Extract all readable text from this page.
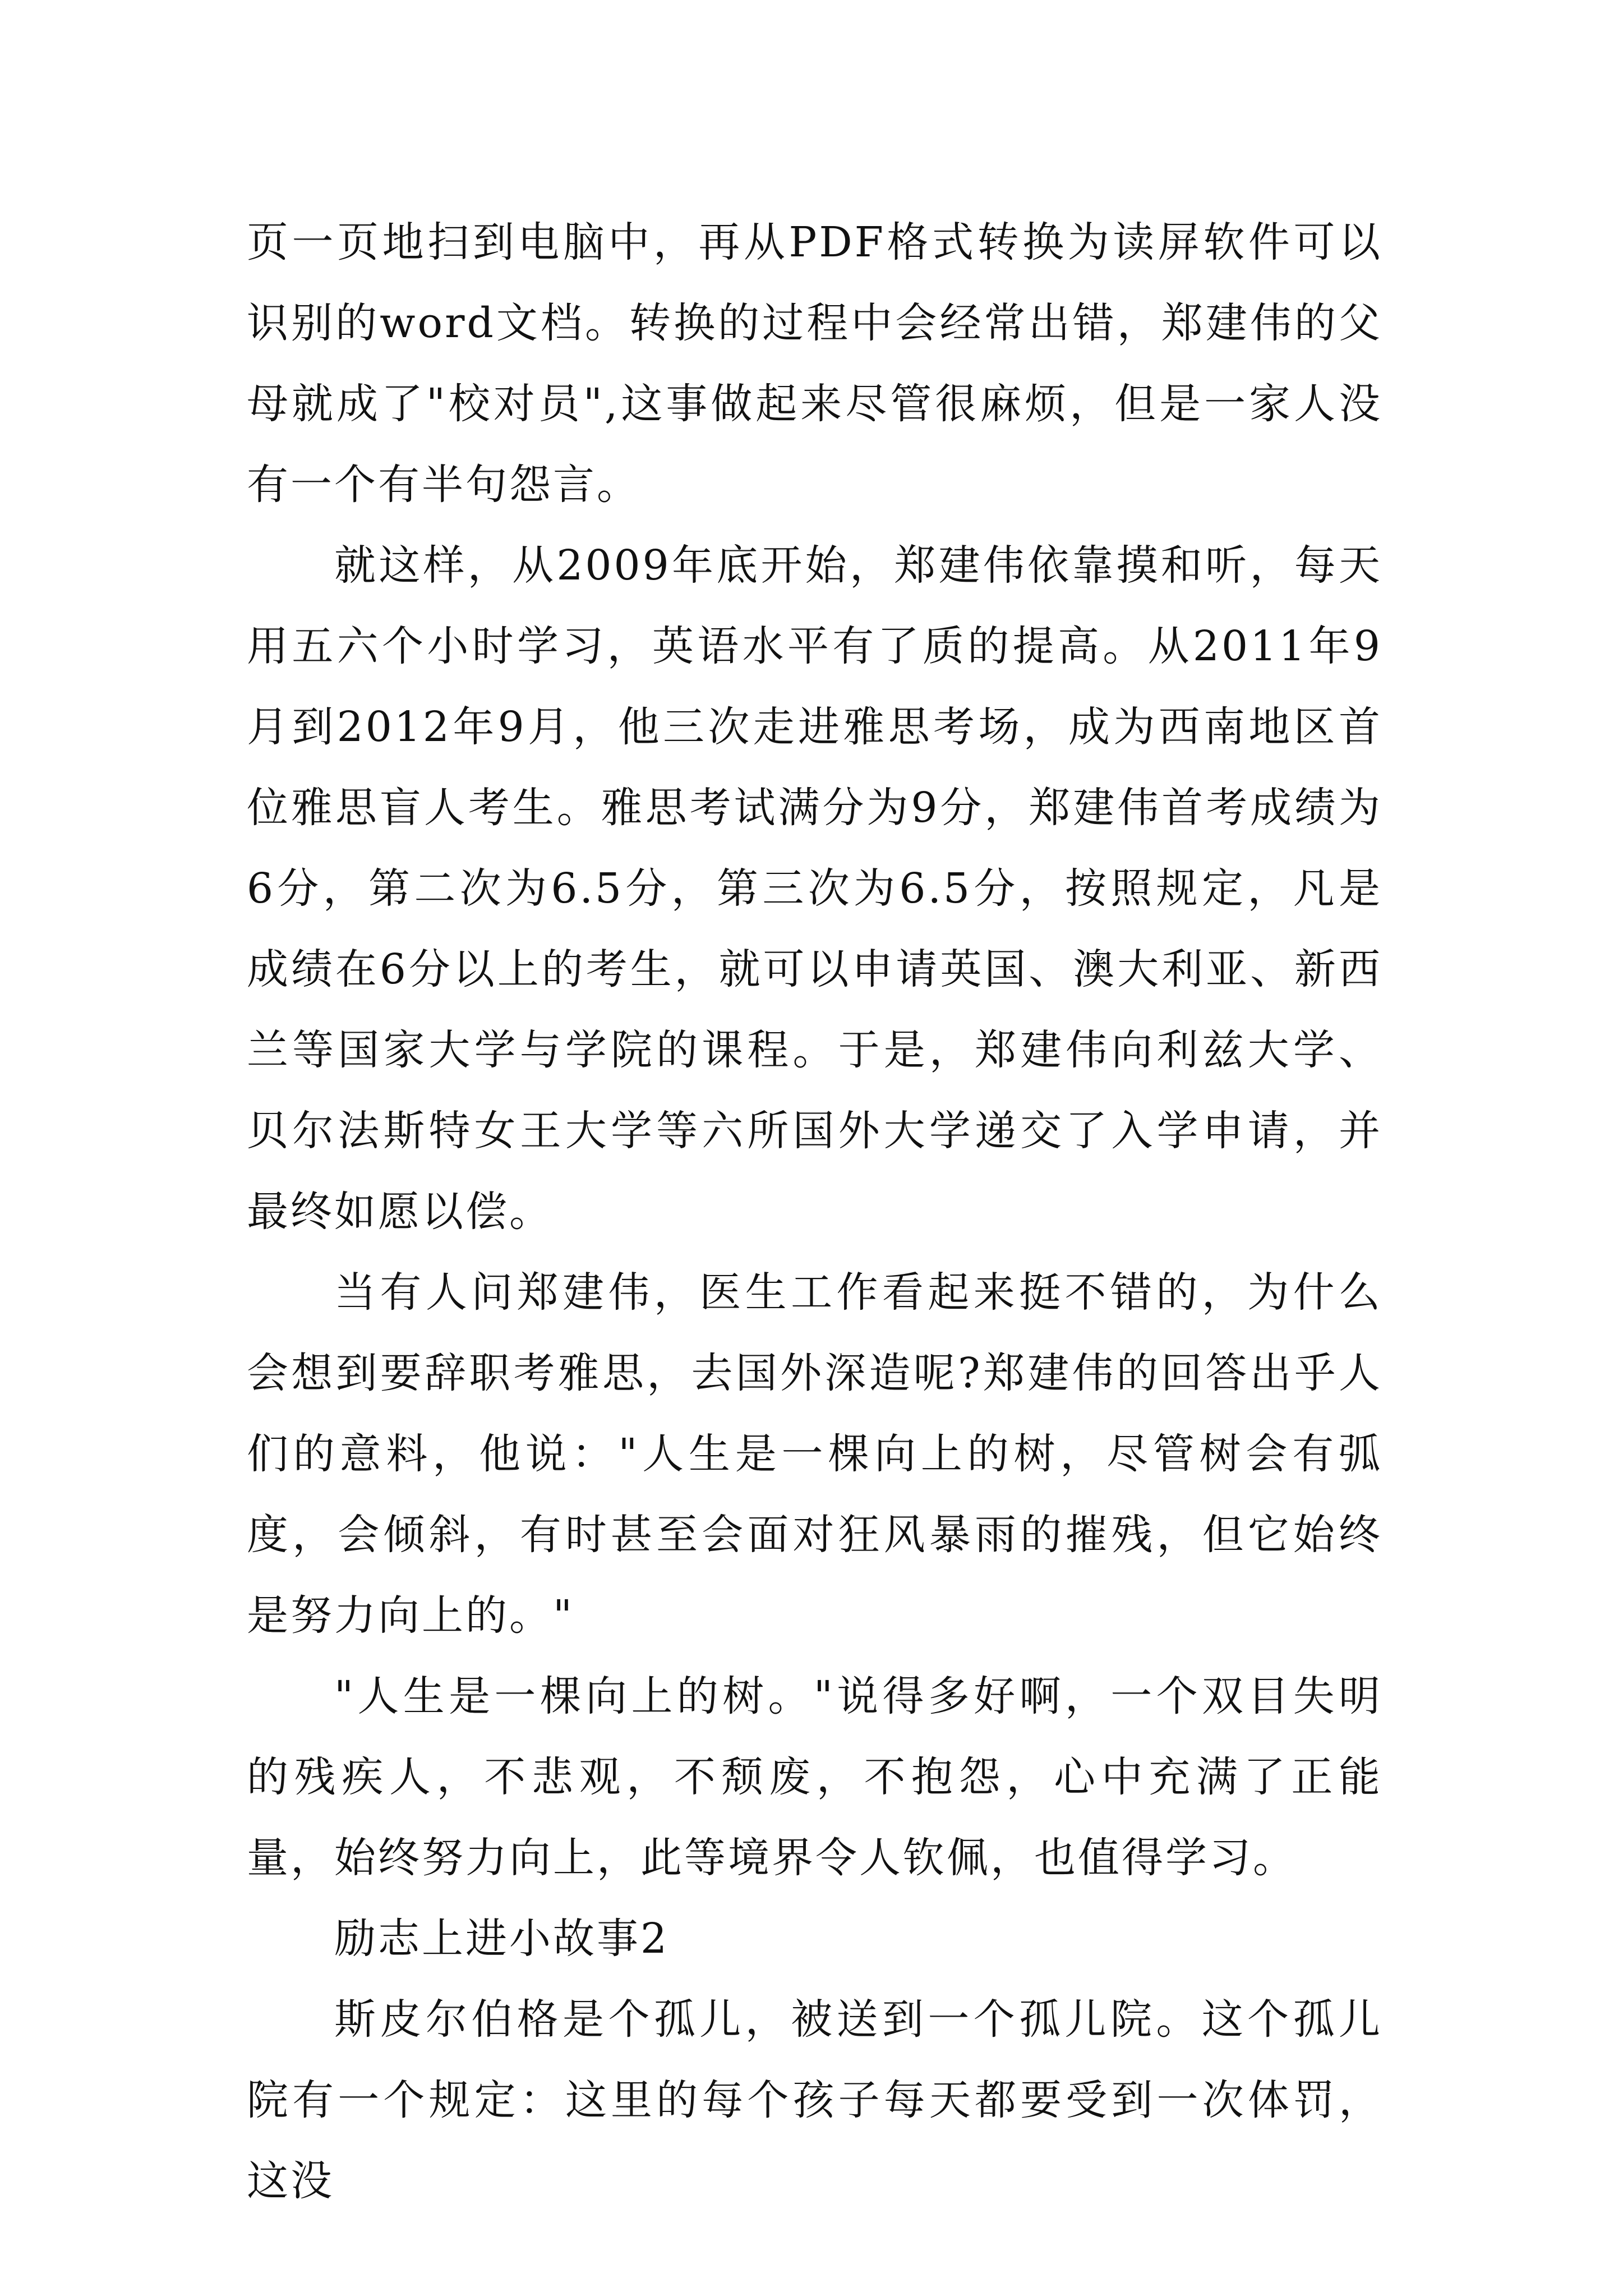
页一页地扫到电脑中，再从PDF格式转换为读屏软件可以识别的word文档。转换的过程中会经常出错，郑建伟的父母就成了"校对员",这事做起来尽管很麻烦，但是一家人没有一个有半句怨言。

就这样，从2009年底开始，郑建伟依靠摸和听，每天用五六个小时学习，英语水平有了质的提高。从2011年9月到2012年9月，他三次走进雅思考场，成为西南地区首位雅思盲人考生。雅思考试满分为9分，郑建伟首考成绩为6分，第二次为6.5分，第三次为6.5分，按照规定，凡是成绩在6分以上的考生，就可以申请英国、澳大利亚、新西兰等国家大学与学院的课程。于是，郑建伟向利兹大学、贝尔法斯特女王大学等六所国外大学递交了入学申请，并最终如愿以偿。

当有人问郑建伟，医生工作看起来挺不错的，为什么会想到要辞职考雅思，去国外深造呢?郑建伟的回答出乎人们的意料，他说："人生是一棵向上的树，尽管树会有弧度，会倾斜，有时甚至会面对狂风暴雨的摧残，但它始终是努力向上的。"

"人生是一棵向上的树。"说得多好啊，一个双目失明的残疾人，不悲观，不颓废，不抱怨，心中充满了正能量，始终努力向上，此等境界令人钦佩，也值得学习。

励志上进小故事2

斯皮尔伯格是个孤儿，被送到一个孤儿院。这个孤儿院有一个规定：这里的每个孩子每天都要受到一次体罚，这没
